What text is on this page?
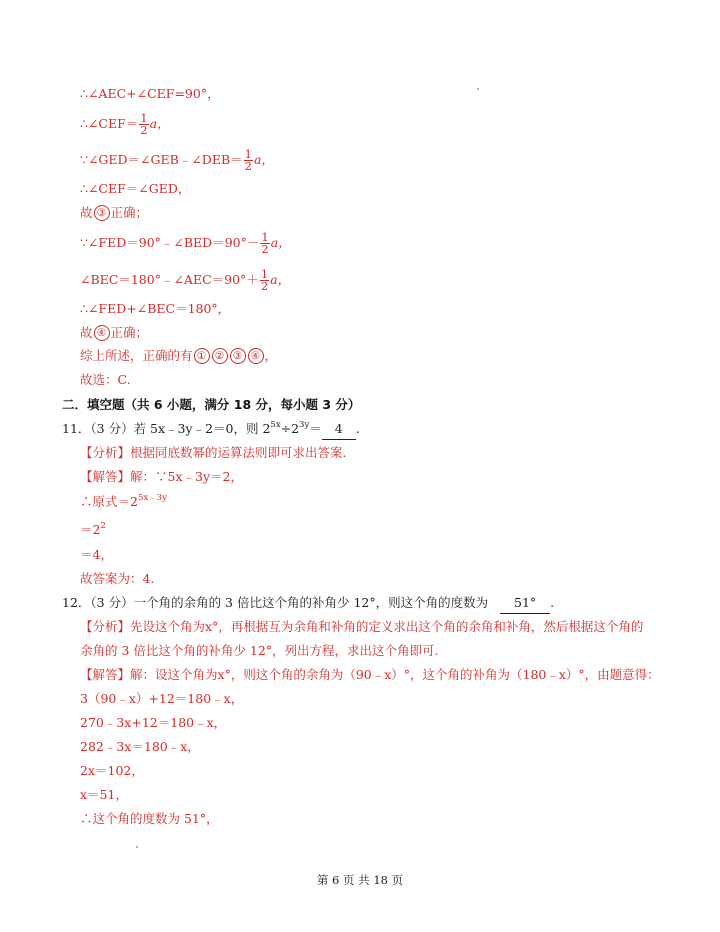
∴∠AEC+∠CEF=90°，
∴∠CEF＝ $\frac{1}{2}$ a，
∵∠GED＝∠GEB﹣∠DEB＝ $\frac{1}{2}$ a，
∴∠CEF＝∠GED，
故 ③ 正确；
∵∠FED＝90°﹣∠BED＝90°－ $\frac{1}{2}$ a，
∠BEC＝180°﹣∠AEC＝90°＋ $\frac{1}{2}$ a，
∴∠FED+∠BEC＝180°，
故 ④ 正确；
综上所述，正确的有 ① ② ③ ④ ，
故选：C.
二．填空题（共 6 小题，满分 18 分，每小题 3 分）
11．（3 分）若 5x﹣3y﹣2＝0，则 $2^{5x}\div 2^{3y}= 4$ .
【分析】根据同底数幂的运算法则即可求出答案.
【解答】解：∵5x﹣3y＝2，
∴原式$=2^{5x﹣3y}$
$=2^2$
＝4，
故答案为：4.
12．（3 分）一个角的余角的 3 倍比这个角的补角少 12°，则这个角的度数为 51° .
【分析】先设这个角为x°，再根据互为余角和补角的定义求出这个角的余角和补角，然后根据这个角的
余角的 3 倍比这个角的补角少 12°，列出方程，求出这个角即可.
【解答】解：设这个角为x°，则这个角的余角为（90﹣x）°，这个角的补角为（180﹣x）°，由题意得：
3（90﹣x）+12＝180﹣x，
270﹣3x+12＝180﹣x，
282﹣3x＝180﹣x，
2x＝102，
x＝51，
∴这个角的度数为 51°，
第 6 页 共 18 页
